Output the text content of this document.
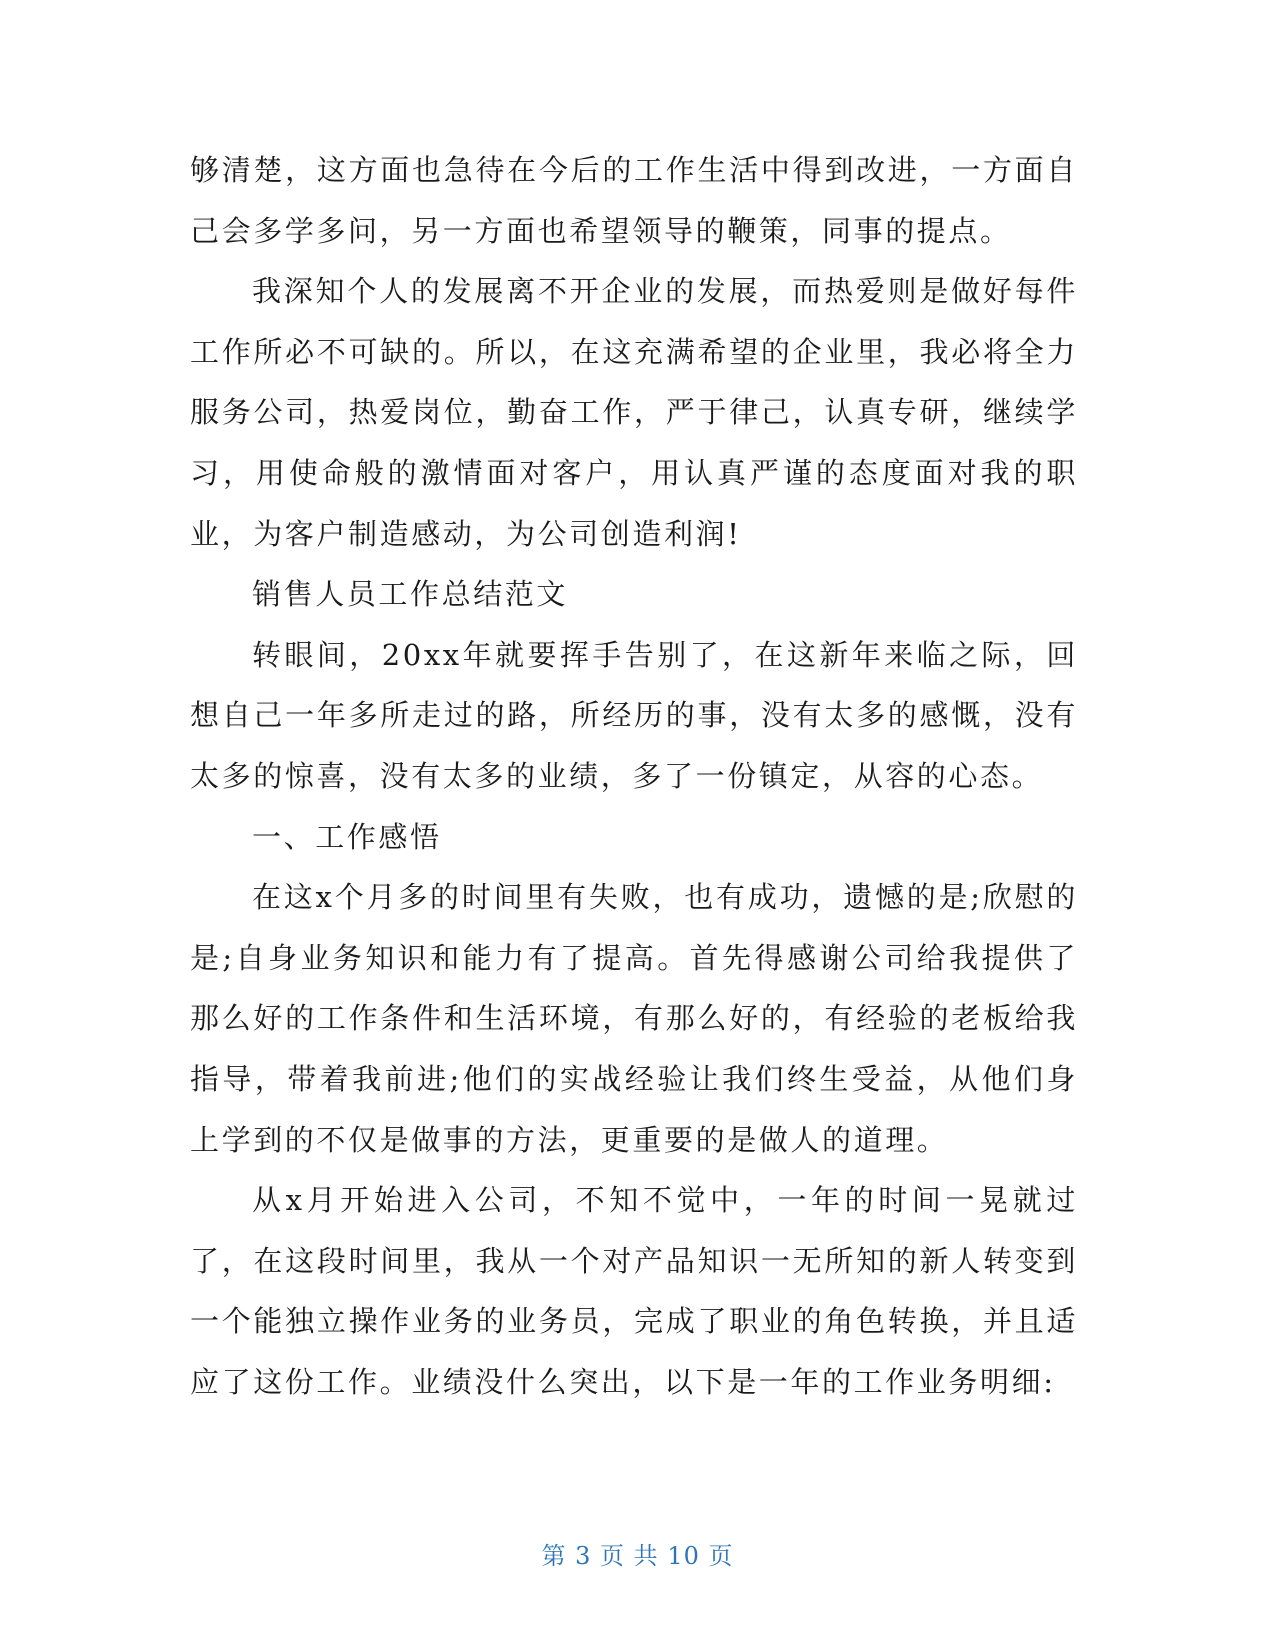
够清楚，这方面也急待在今后的工作生活中得到改进，一方面自己会多学多问，另一方面也希望领导的鞭策，同事的提点。

我深知个人的发展离不开企业的发展，而热爱则是做好每件工作所必不可缺的。所以，在这充满希望的企业里，我必将全力服务公司，热爱岗位，勤奋工作，严于律己，认真专研，继续学习，用使命般的激情面对客户，用认真严谨的态度面对我的职业，为客户制造感动，为公司创造利润!

销售人员工作总结范文

转眼间，20xx年就要挥手告别了，在这新年来临之际，回想自己一年多所走过的路，所经历的事，没有太多的感慨，没有太多的惊喜，没有太多的业绩，多了一份镇定，从容的心态。

一、工作感悟

在这x个月多的时间里有失败，也有成功，遗憾的是;欣慰的是;自身业务知识和能力有了提高。首先得感谢公司给我提供了那么好的工作条件和生活环境，有那么好的，有经验的老板给我指导，带着我前进;他们的实战经验让我们终生受益，从他们身上学到的不仅是做事的方法，更重要的是做人的道理。

从x月开始进入公司，不知不觉中，一年的时间一晃就过了，在这段时间里，我从一个对产品知识一无所知的新人转变到一个能独立操作业务的业务员，完成了职业的角色转换，并且适应了这份工作。业绩没什么突出，以下是一年的工作业务明细:

第 3 页 共 10 页
